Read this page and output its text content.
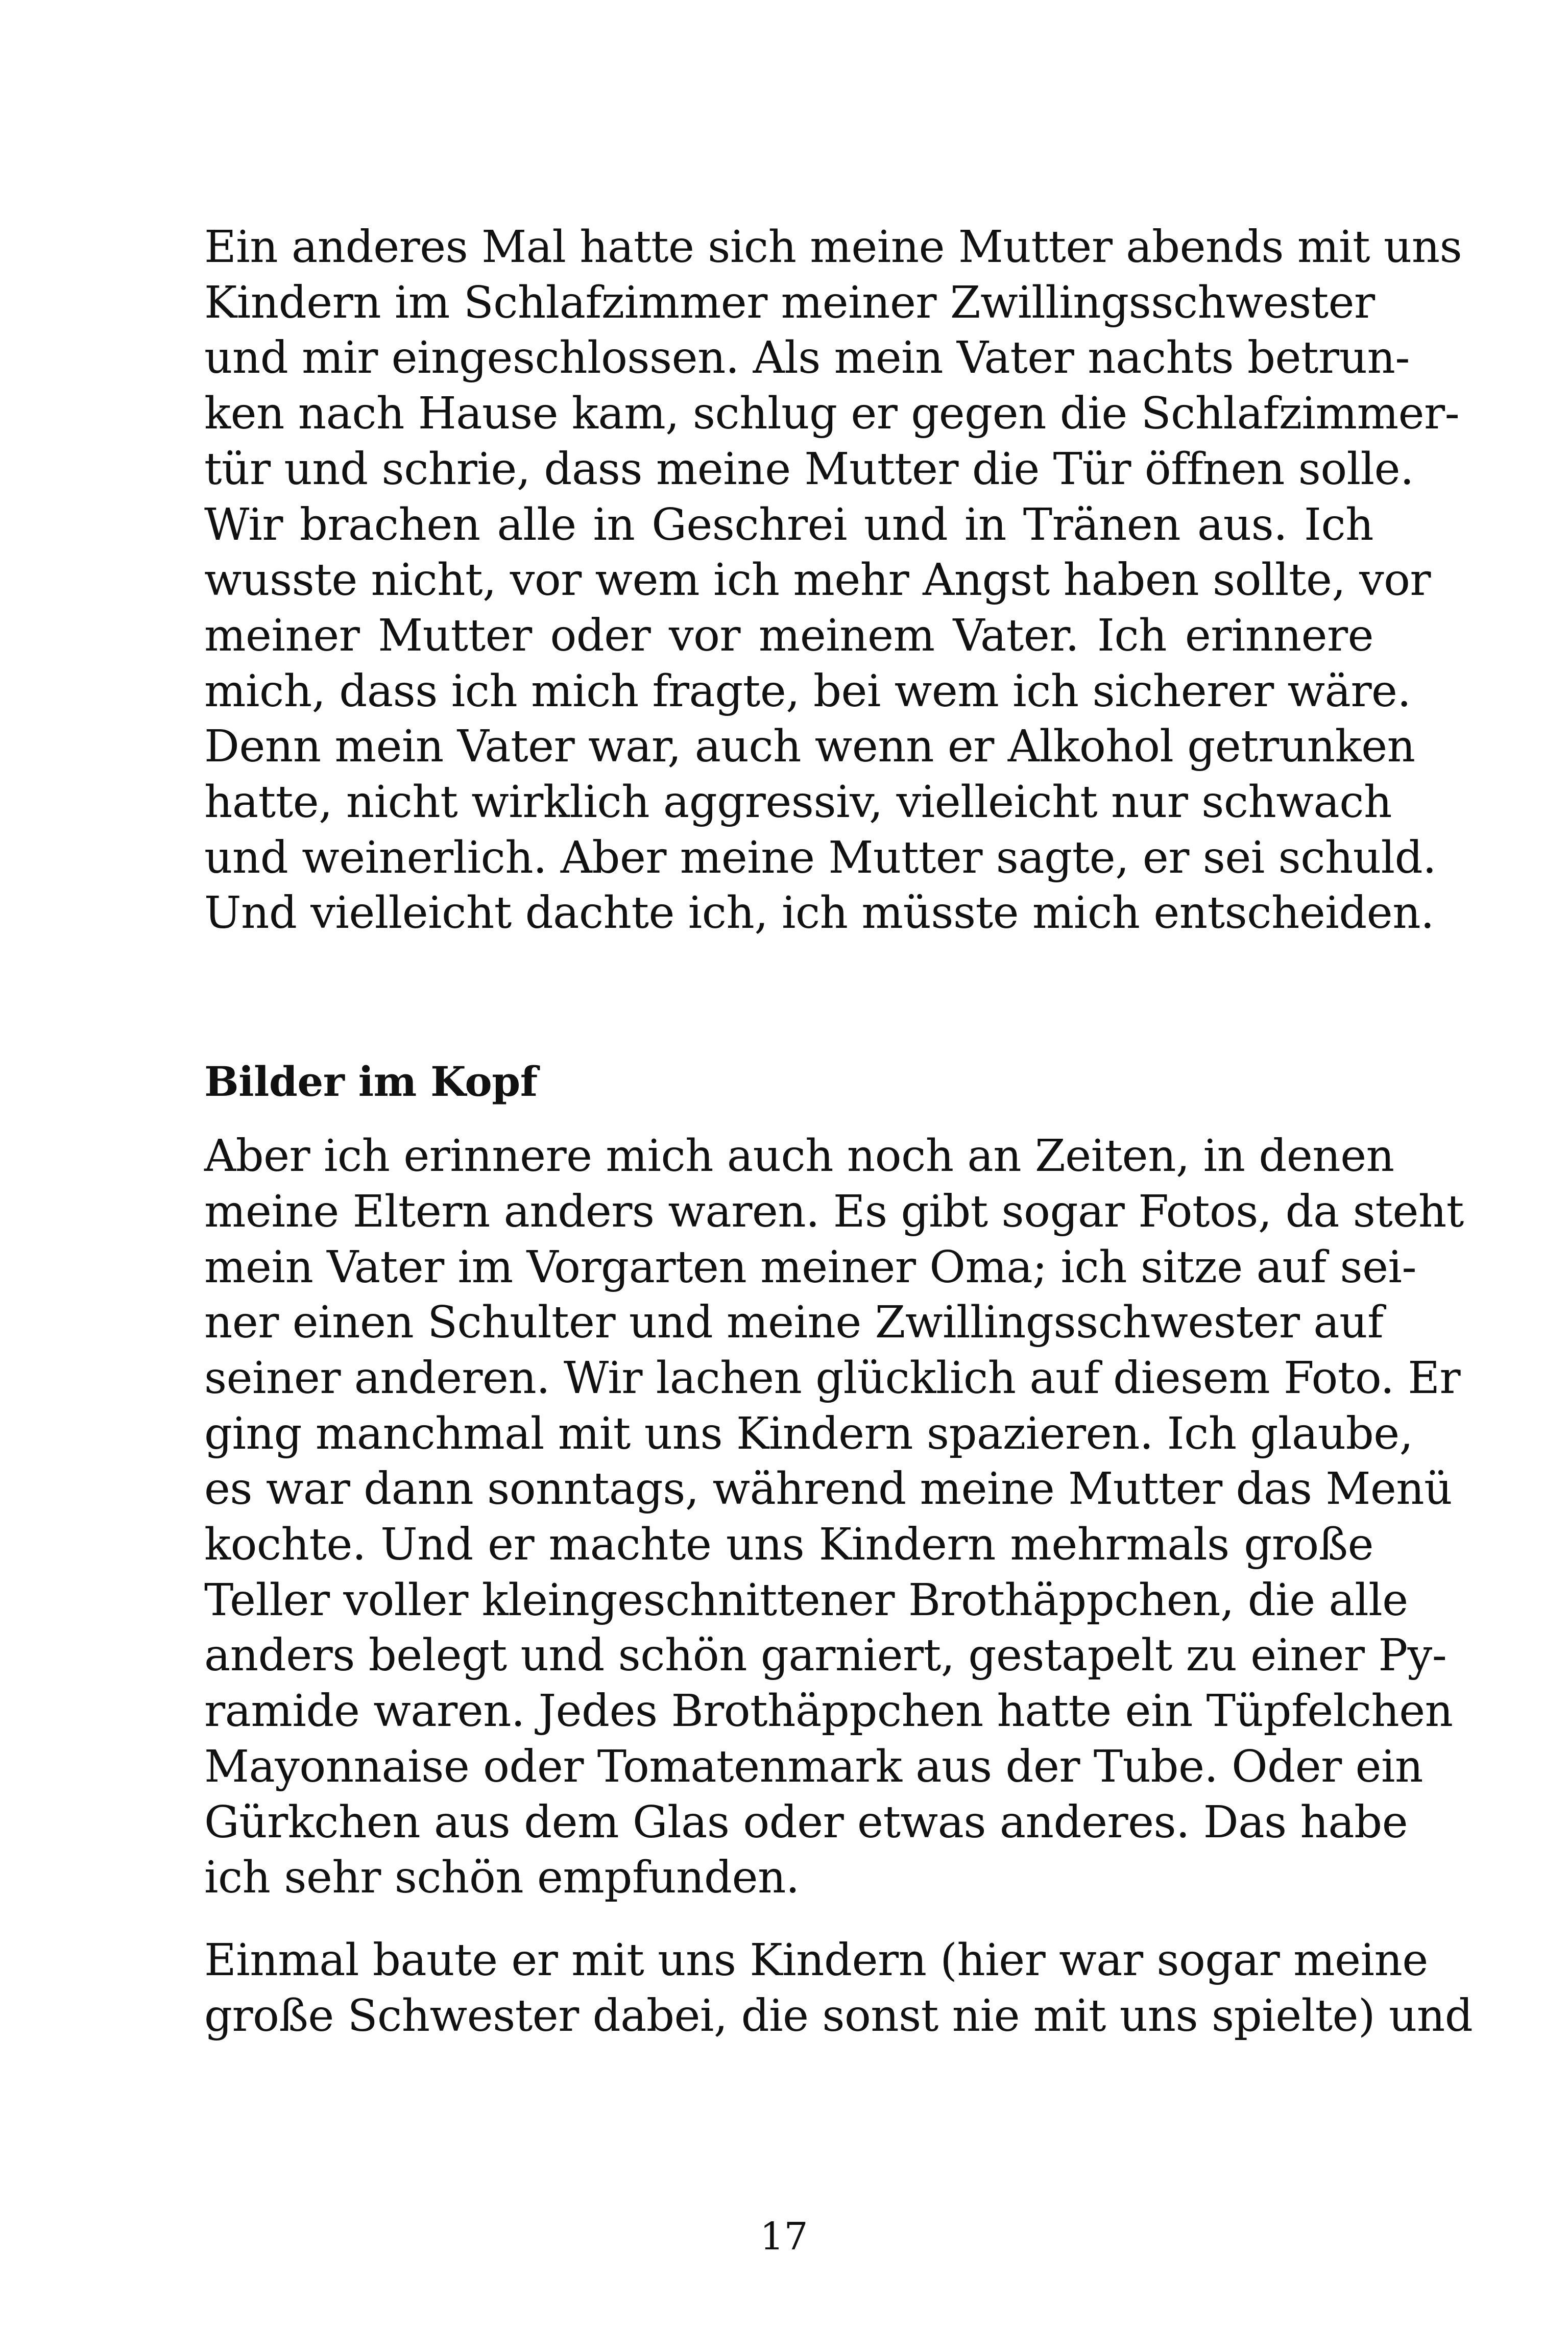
Ein anderes Mal hatte sich meine Mutter abends mit uns
Kindern im Schlafzimmer meiner Zwillingsschwester
und mir eingeschlossen. Als mein Vater nachts betrun-
ken nach Hause kam, schlug er gegen die Schlafzimmer-
tür und schrie, dass meine Mutter die Tür öffnen solle.
Wir brachen alle in Geschrei und in Tränen aus. Ich
wusste nicht, vor wem ich mehr Angst haben sollte, vor
meiner Mutter oder vor meinem Vater. Ich erinnere
mich, dass ich mich fragte, bei wem ich sicherer wäre.
Denn mein Vater war, auch wenn er Alkohol getrunken
hatte, nicht wirklich aggressiv, vielleicht nur schwach
und weinerlich. Aber meine Mutter sagte, er sei schuld.
Und vielleicht dachte ich, ich müsste mich entscheiden.
Bilder im Kopf
Aber ich erinnere mich auch noch an Zeiten, in denen
meine Eltern anders waren. Es gibt sogar Fotos, da steht
mein Vater im Vorgarten meiner Oma; ich sitze auf sei-
ner einen Schulter und meine Zwillingsschwester auf
seiner anderen. Wir lachen glücklich auf diesem Foto. Er
ging manchmal mit uns Kindern spazieren. Ich glaube,
es war dann sonntags, während meine Mutter das Menü
kochte. Und er machte uns Kindern mehrmals große
Teller voller kleingeschnittener Brothäppchen, die alle
anders belegt und schön garniert, gestapelt zu einer Py-
ramide waren. Jedes Brothäppchen hatte ein Tüpfelchen
Mayonnaise oder Tomatenmark aus der Tube. Oder ein
Gürkchen aus dem Glas oder etwas anderes. Das habe
ich sehr schön empfunden.
Einmal baute er mit uns Kindern (hier war sogar meine
große Schwester dabei, die sonst nie mit uns spielte) und
17
